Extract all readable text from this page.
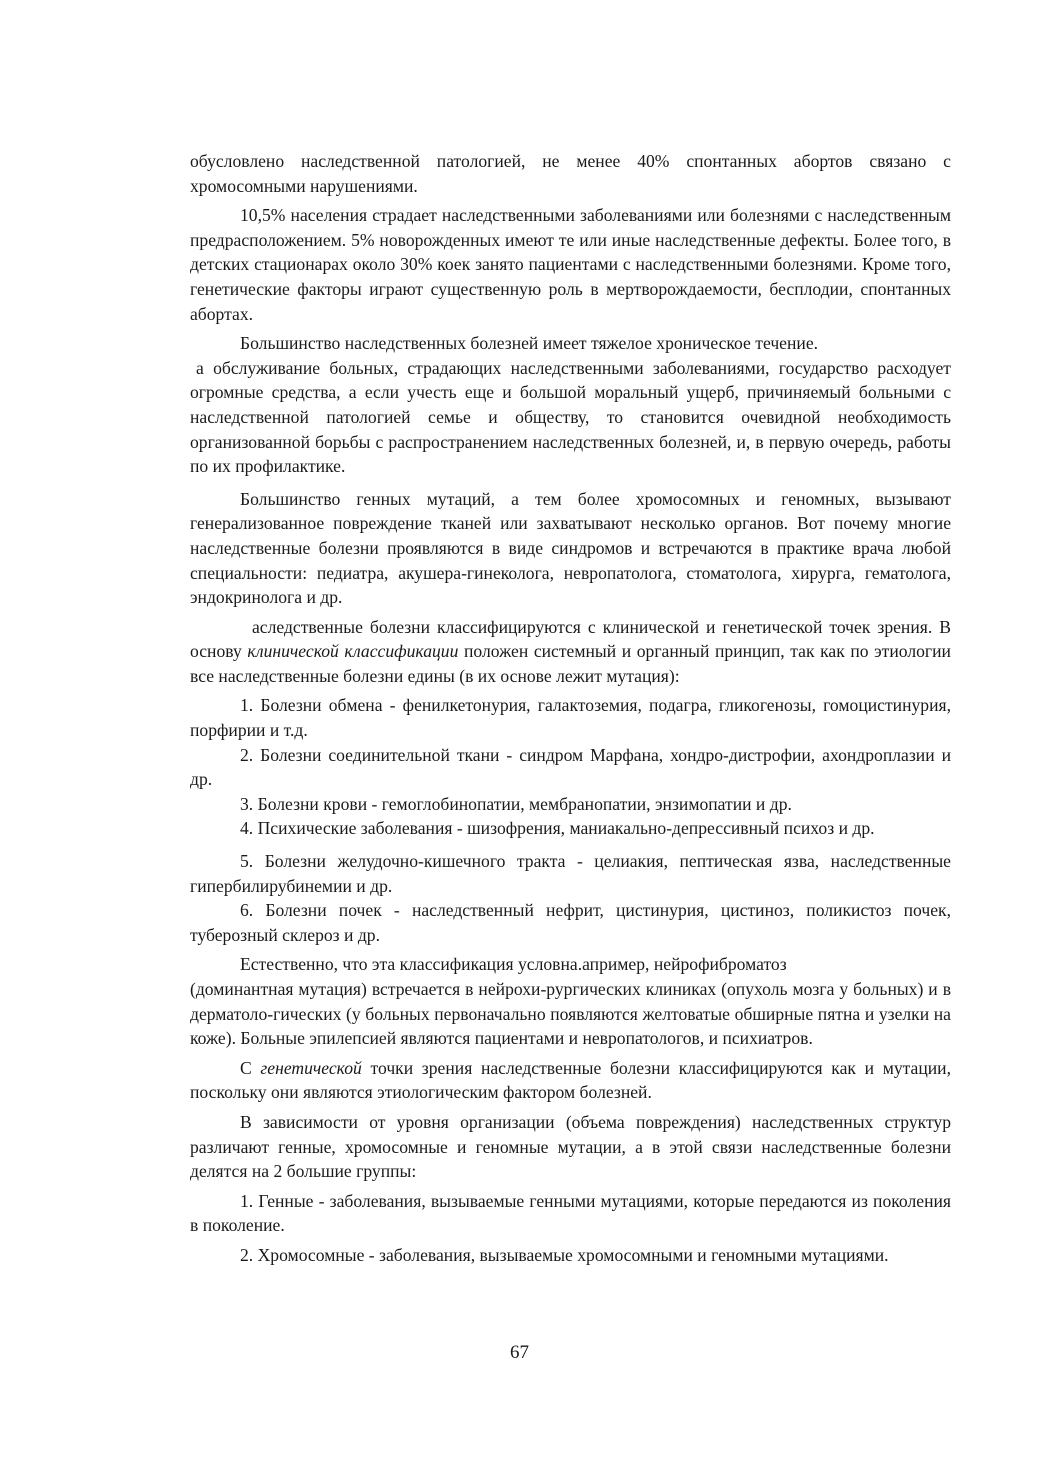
обусловлено наследственной патологией, не менее 40% спонтанных абортов связано с хромосомными нарушениями.

10,5% населения страдает наследственными заболеваниями или болезнями с наследственным предрасположением. 5% новорожденных имеют те или иные наследственные дефекты. Более того, в детских стационарах около 30% коек занято пациентами с наследственными болезнями. Кроме того, генетические факторы играют существенную роль в мертворождаемости, бесплодии, спонтанных абортах.

Большинство наследственных болезней имеет тяжелое хроническое течение.

а обслуживание больных, страдающих наследственными заболеваниями, государство расходует огромные средства, а если учесть еще и большой моральный ущерб, причиняемый больными с наследственной патологией семье и обществу, то становится очевидной необходимость организованной борьбы с распространением наследственных болезней, и, в первую очередь, работы по их профилактике.

Большинство генных мутаций, а тем более хромосомных и геномных, вызывают генерализованное повреждение тканей или захватывают несколько органов. Вот почему многие наследственные болезни проявляются в виде синдромов и встречаются в практике врача любой специальности: педиатра, акушера-гинеколога, невропатолога, стоматолога, хирурга, гематолога, эндокринолога и др.

аследственные болезни классифицируются с клинической и генетической точек зрения. В основу клинической классификации положен системный и органный принцип, так как по этиологии все наследственные болезни едины (в их основе лежит мутация):

1. Болезни обмена - фенилкетонурия, галактоземия, подагра, гликогенозы, гомоцистинурия, порфирии и т.д.

2. Болезни соединительной ткани - синдром Марфана, хондро-дистрофии, ахондроплазии и др.

3. Болезни крови - гемоглобинопатии, мембранопатии, энзимопатии и др.

4. Психические заболевания - шизофрения, маниакально-депрессивный психоз и др.

5. Болезни желудочно-кишечного тракта - целиакия, пептическая язва, наследственные гипербилирубинемии и др.

6. Болезни почек - наследственный нефрит, цистинурия, цистиноз, поликистоз почек, туберозный склероз и др.

Естественно, что эта классификация условна.апример, нейрофиброматоз

(доминантная мутация) встречается в нейрохи-рургических клиниках (опухоль мозга у больных) и в дерматоло-гических (у больных первоначально появляются желтоватые обширные пятна и узелки на коже). Больные эпилепсией являются пациентами и невропатологов, и психиатров.

С генетической точки зрения наследственные болезни классифицируются как и мутации, поскольку они являются этиологическим фактором болезней.

В зависимости от уровня организации (объема повреждения) наследственных структур различают генные, хромосомные и геномные мутации, а в этой связи наследственные болезни делятся на 2 большие группы:

1. Генные - заболевания, вызываемые генными мутациями, которые передаются из поколения в поколение.

2. Хромосомные - заболевания, вызываемые хромосомными и геномными мутациями.

67
